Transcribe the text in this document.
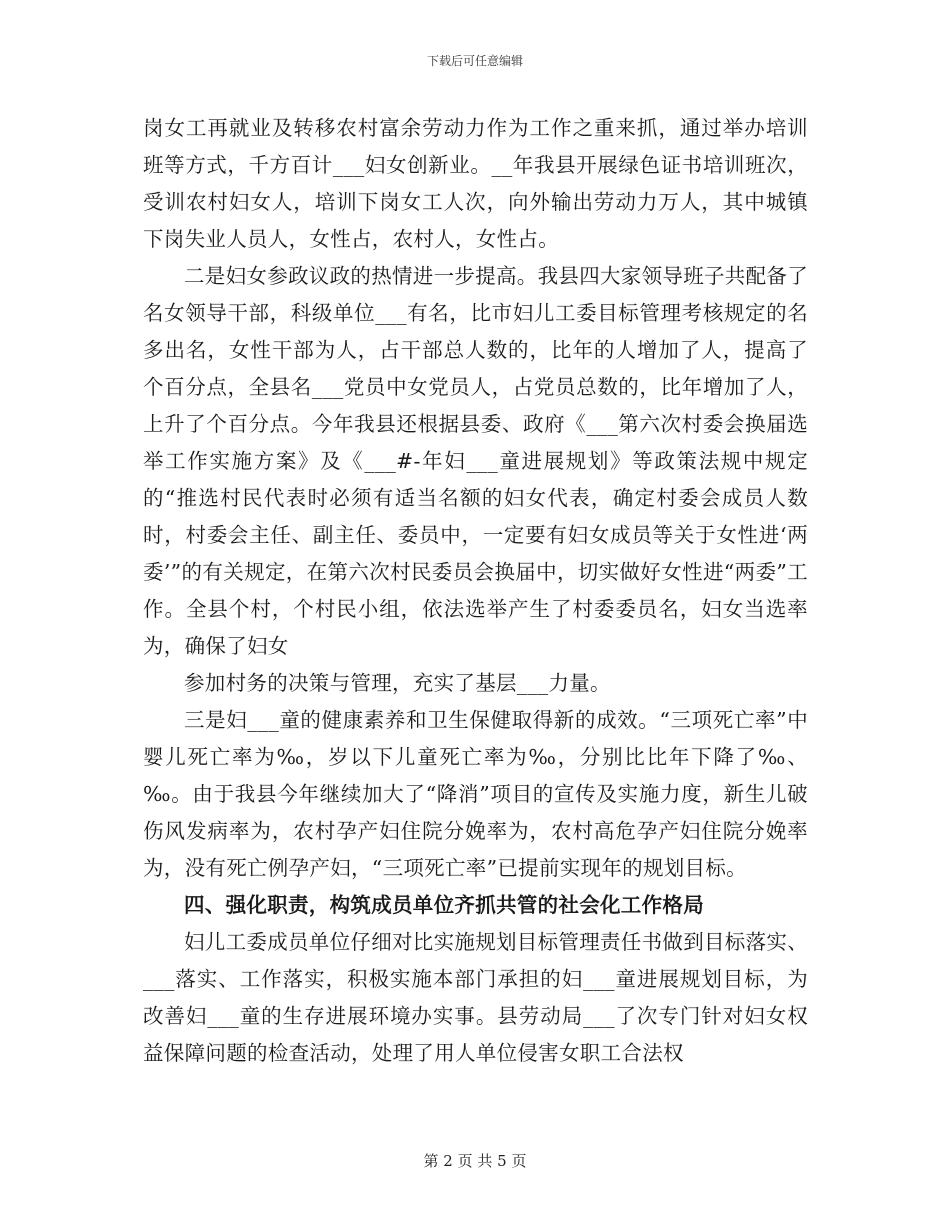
下载后可任意编辑

岗女工再就业及转移农村富余劳动力作为工作之重来抓，通过举办培训班等方式，千方百计___妇女创新业。__年我县开展绿色证书培训班次，受训农村妇女人，培训下岗女工人次，向外输出劳动力万人，其中城镇下岗失业人员人，女性占，农村人，女性占。

二是妇女参政议政的热情进一步提高。我县四大家领导班子共配备了名女领导干部，科级单位___有名，比市妇儿工委目标管理考核规定的名多出名，女性干部为人，占干部总人数的，比年的人增加了人，提高了个百分点，全县名___党员中女党员人，占党员总数的，比年增加了人，上升了个百分点。今年我县还根据县委、政府《___第六次村委会换届选举工作实施方案》及《___#-年妇___童进展规划》等政策法规中规定的“推选村民代表时必须有适当名额的妇女代表，确定村委会成员人数时，村委会主任、副主任、委员中，一定要有妇女成员等关于女性进‘两委’”的有关规定，在第六次村民委员会换届中，切实做好女性进“两委”工作。全县个村，个村民小组，依法选举产生了村委委员名，妇女当选率为，确保了妇女

参加村务的决策与管理，充实了基层___力量。

三是妇___童的健康素养和卫生保健取得新的成效。“三项死亡率”中婴儿死亡率为‰，岁以下儿童死亡率为‰，分别比比年下降了‰、‰。由于我县今年继续加大了“降消”项目的宣传及实施力度，新生儿破伤风发病率为，农村孕产妇住院分娩率为，农村高危孕产妇住院分娩率为，没有死亡例孕产妇，“三项死亡率”已提前实现年的规划目标。

四、强化职责，构筑成员单位齐抓共管的社会化工作格局

妇儿工委成员单位仔细对比实施规划目标管理责任书做到目标落实、___落实、工作落实，积极实施本部门承担的妇___童进展规划目标，为改善妇___童的生存进展环境办实事。县劳动局___了次专门针对妇女权益保障问题的检查活动，处理了用人单位侵害女职工合法权

第 2 页 共 5 页
